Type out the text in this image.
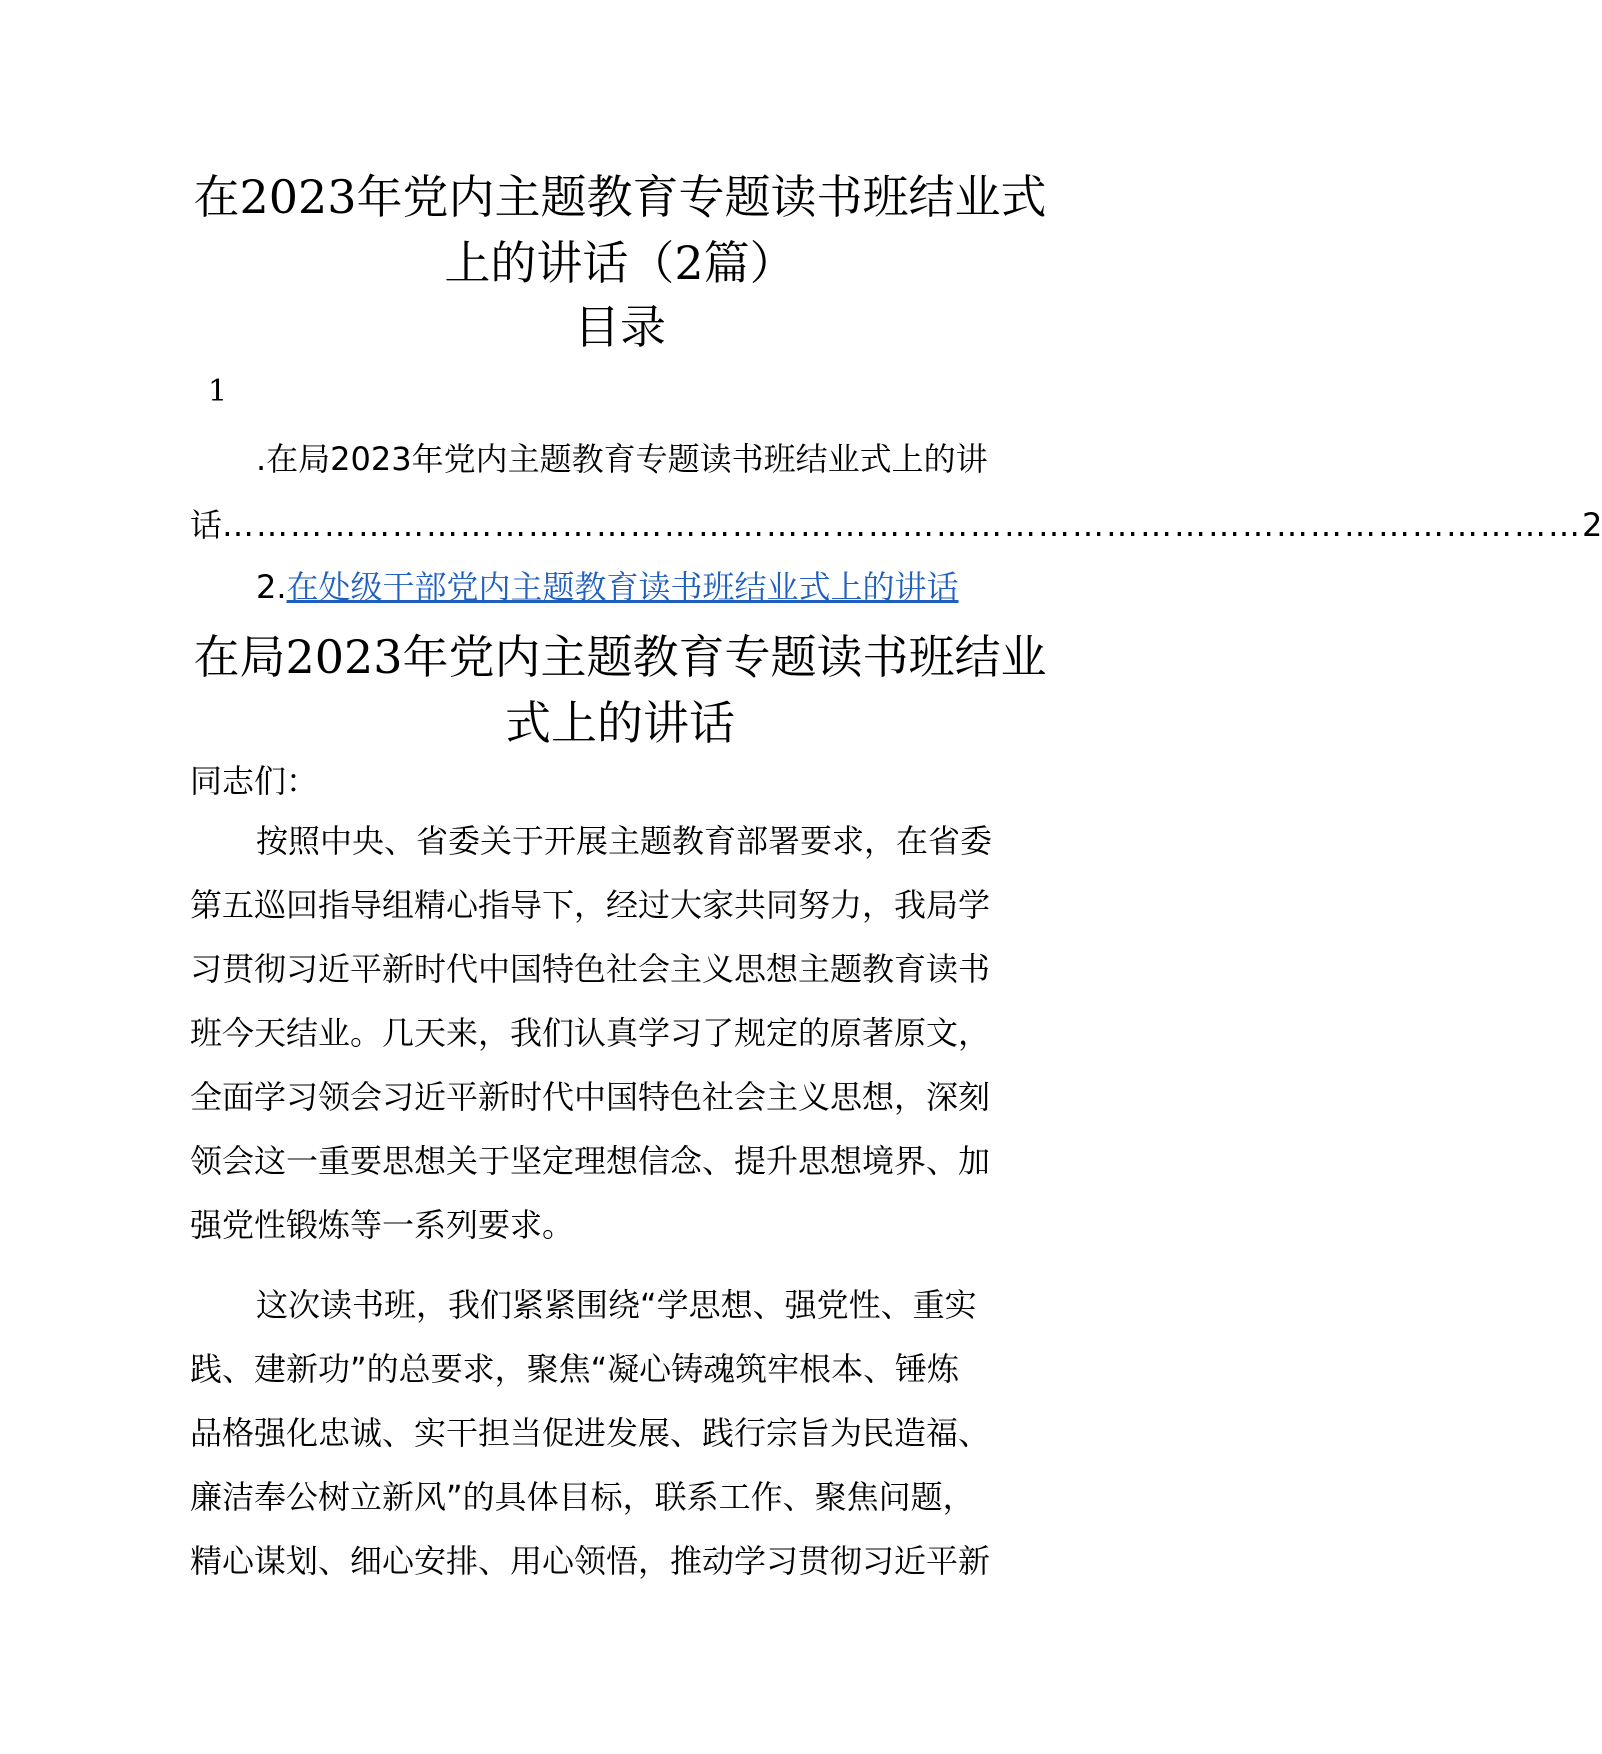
在2023年党内主题教育专题读书班结业式
上的讲话（2篇）
目录
1
.在局2023年党内主题教育专题读书班结业式上的讲
话 ………………………………………………………………………………………………………… 2
2.在处级干部党内主题教育读书班结业式上的讲话
在局2023年党内主题教育专题读书班结业
式上的讲话
同志们：
按照中央、省委关于开展主题教育部署要求，在省委
第五巡回指导组精心指导下，经过大家共同努力，我局学
习贯彻习近平新时代中国特色社会主义思想主题教育读书
班今天结业。几天来，我们认真学习了规定的原著原文，
全面学习领会习近平新时代中国特色社会主义思想，深刻
领会这一重要思想关于坚定理想信念、提升思想境界、加
强党性锻炼等一系列要求。
这次读书班，我们紧紧围绕“学思想、强党性、重实
践、建新功”的总要求，聚焦“凝心铸魂筑牢根本、锤炼
品格强化忠诚、实干担当促进发展、践行宗旨为民造福、
廉洁奉公树立新风”的具体目标，联系工作、聚焦问题，
精心谋划、细心安排、用心领悟，推动学习贯彻习近平新
